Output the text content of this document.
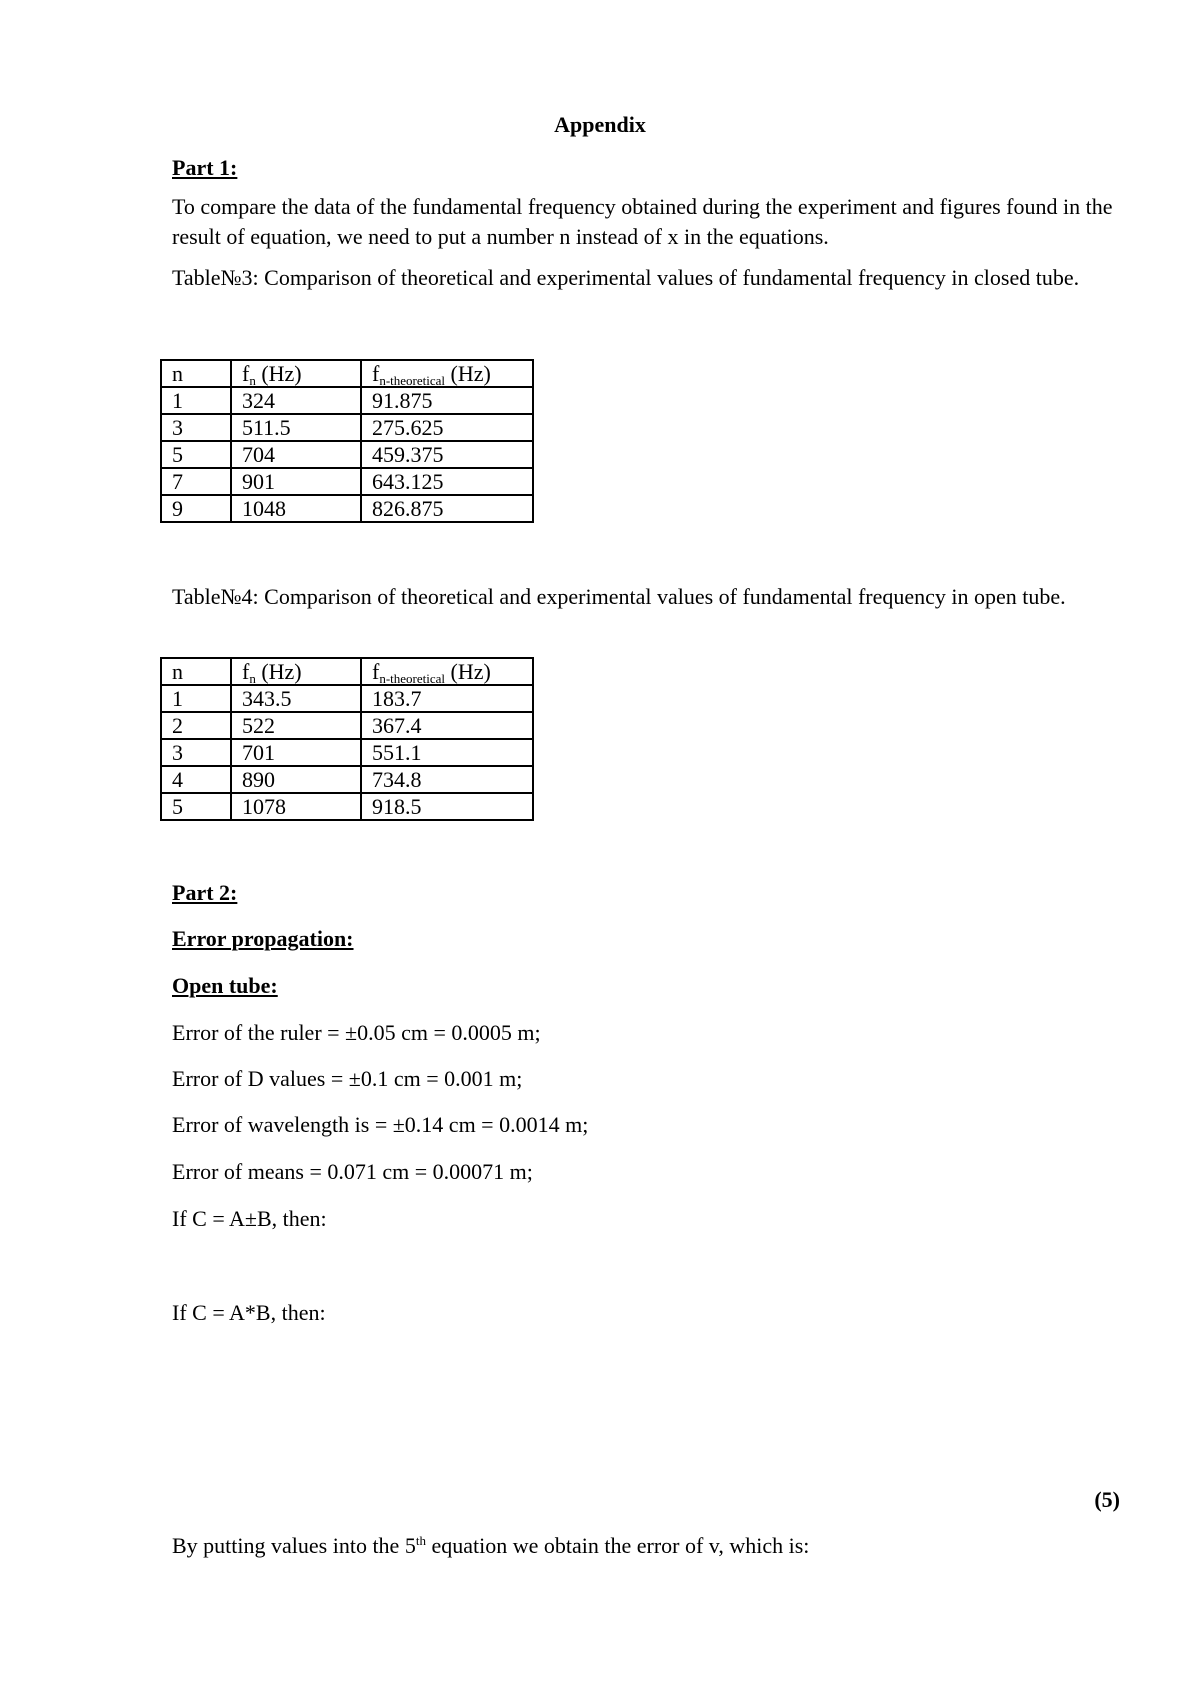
Appendix
Part 1:
To compare the data of the fundamental frequency obtained during the experiment and figures found in the result of equation, we need to put a number n instead of x in the equations.
Table№3: Comparison of theoretical and experimental values of fundamental frequency in closed tube.
n	$f_n$ (Hz)	$f_{n-theoretical}$ (Hz)
1	324	91.875
3	511.5	275.625
5	704	459.375
7	901	643.125
9	1048	826.875
Table№4: Comparison of theoretical and experimental values of fundamental frequency in open tube.
n	$f_n$ (Hz)	$f_{n-theoretical}$ (Hz)
1	343.5	183.7
2	522	367.4
3	701	551.1
4	890	734.8
5	1078	918.5
Part 2:
Error propagation:
Open tube:
Error of the ruler = ±0.05 cm = 0.0005 m;
Error of D values = ±0.1 cm = 0.001 m;
Error of wavelength is = ±0.14 cm = 0.0014 m;
Error of means = 0.071 cm = 0.00071 m;
If C = A±B, then:
If C = A*B, then:
(5)
By putting values into the 5th equation we obtain the error of v, which is:
